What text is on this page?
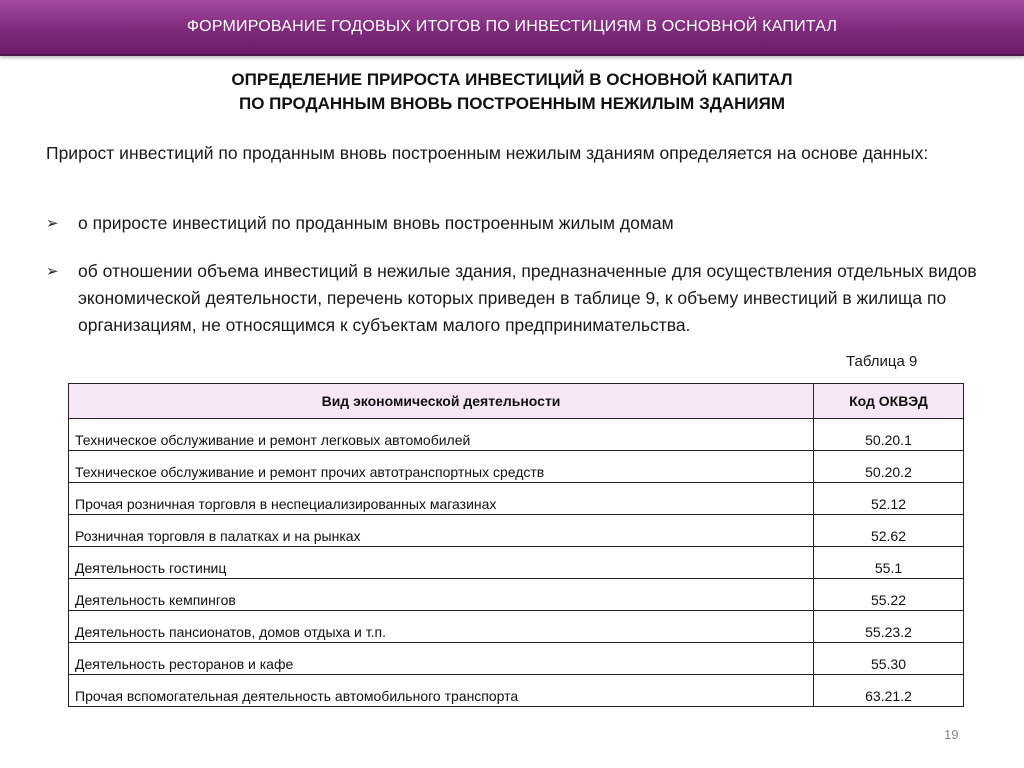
ФОРМИРОВАНИЕ ГОДОВЫХ ИТОГОВ ПО ИНВЕСТИЦИЯМ В ОСНОВНОЙ КАПИТАЛ
ОПРЕДЕЛЕНИЕ ПРИРОСТА ИНВЕСТИЦИЙ В ОСНОВНОЙ КАПИТАЛ
ПО ПРОДАННЫМ ВНОВЬ ПОСТРОЕННЫМ НЕЖИЛЫМ ЗДАНИЯМ
Прирост инвестиций по проданным вновь построенным нежилым зданиям определяется на основе данных:
➢	о приросте инвестиций по проданным вновь построенным жилым домам
➢	об отношении объема инвестиций в нежилые здания, предназначенные для осуществления отдельных видов экономической деятельности, перечень которых приведен в таблице 9, к объему инвестиций в жилища по организациям, не относящимся к субъектам малого предпринимательства.
Таблица 9
Вид экономической деятельности	Код ОКВЭД
Техническое обслуживание и ремонт легковых автомобилей	50.20.1
Техническое обслуживание и ремонт прочих автотранспортных средств	50.20.2
Прочая розничная торговля в неспециализированных магазинах	52.12
Розничная торговля в палатках и на рынках	52.62
Деятельность гостиниц	55.1
Деятельность кемпингов	55.22
Деятельность пансионатов, домов отдыха и т.п.	55.23.2
Деятельность ресторанов и кафе	55.30
Прочая вспомогательная деятельность автомобильного транспорта	63.21.2
19
